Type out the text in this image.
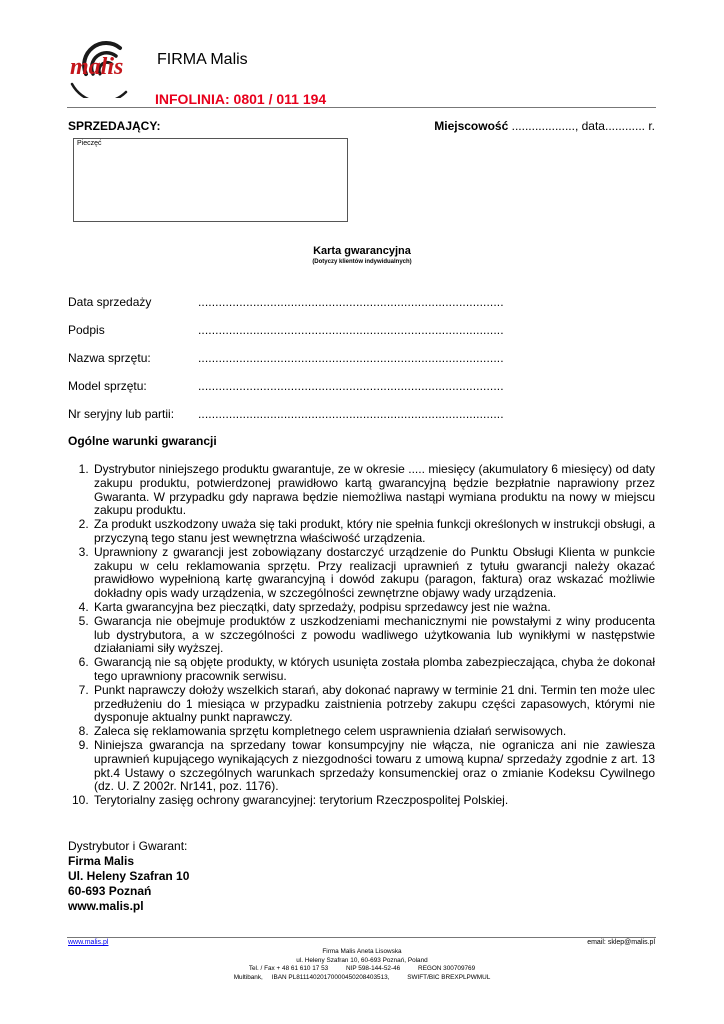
malis FIRMA Malis
INFOLINIA: 0801 / 011 194
SPRZEDAJĄCY:	Miejscowość ..................., data............ r.
Pieczęć
Karta gwarancyjna
(Dotyczy klientów indywidualnych)
Data sprzedaży	.........................................................................................
Podpis	.........................................................................................
Nazwa sprzętu:	.........................................................................................
Model sprzętu:	.........................................................................................
Nr seryjny lub partii: .........................................................................................
Ogólne warunki gwarancji
1. Dystrybutor niniejszego produktu gwarantuje, ze w okresie ..... miesięcy (akumulatory 6 miesięcy) od daty zakupu produktu, potwierdzonej prawidłowo kartą gwarancyjną będzie bezpłatnie naprawiony przez Gwaranta. W przypadku gdy naprawa będzie niemożliwa nastąpi wymiana produktu na nowy w miejscu zakupu produktu.
2. Za produkt uszkodzony uważa się taki produkt, który nie spełnia funkcji określonych w instrukcji obsługi, a przyczyną tego stanu jest wewnętrzna właściwość urządzenia.
3. Uprawniony z gwarancji jest zobowiązany dostarczyć urządzenie do Punktu Obsługi Klienta w punkcie zakupu w celu reklamowania sprzętu. Przy realizacji uprawnień z tytułu gwarancji należy okazać prawidłowo wypełnioną kartę gwarancyjną i dowód zakupu (paragon, faktura) oraz wskazać możliwie dokładny opis wady urządzenia, w szczególności zewnętrzne objawy wady urządzenia.
4. Karta gwarancyjna bez pieczątki, daty sprzedaży, podpisu sprzedawcy jest nie ważna.
5. Gwarancja nie obejmuje produktów z uszkodzeniami mechanicznymi nie powstałymi z winy producenta lub dystrybutora, a w szczególności z powodu wadliwego użytkowania lub wynikłymi w następstwie działaniami siły wyższej.
6. Gwarancją nie są objęte produkty, w których usunięta została plomba zabezpieczająca, chyba że dokonał tego uprawniony pracownik serwisu.
7. Punkt naprawczy dołoży wszelkich starań, aby dokonać naprawy w terminie 21 dni. Termin ten może ulec przedłużeniu do 1 miesiąca w przypadku zaistnienia potrzeby zakupu części zapasowych, którymi nie dysponuje aktualny punkt naprawczy.
8. Zaleca się reklamowania sprzętu kompletnego celem usprawnienia działań serwisowych.
9. Niniejsza gwarancja na sprzedany towar konsumpcyjny nie włącza, nie ogranicza ani nie zawiesza uprawnień kupującego wynikających z niezgodności towaru z umową kupna/ sprzedaży zgodnie z art. 13 pkt.4 Ustawy o szczególnych warunkach sprzedaży konsumenckiej oraz o zmianie Kodeksu Cywilnego (dz. U. Z 2002r. Nr141, poz. 1176).
10. Terytorialny zasięg ochrony gwarancyjnej: terytorium Rzeczpospolitej Polskiej.
Dystrybutor i Gwarant:
Firma Malis
Ul. Heleny Szafran 10
60-693 Poznań
www.malis.pl
www.malis.pl	email: sklep@malis.pl
Firma Malis Aneta Lisowska
ul. Heleny Szafran 10, 60-693 Poznań, Poland
Tel. / Fax + 48 61 610 17 53          NIP 598-144-52-46          REGON 300709769
Multibank,     IBAN PL81114020170000450208403513,          SWIFT/BIC BREXPLPWMUL
